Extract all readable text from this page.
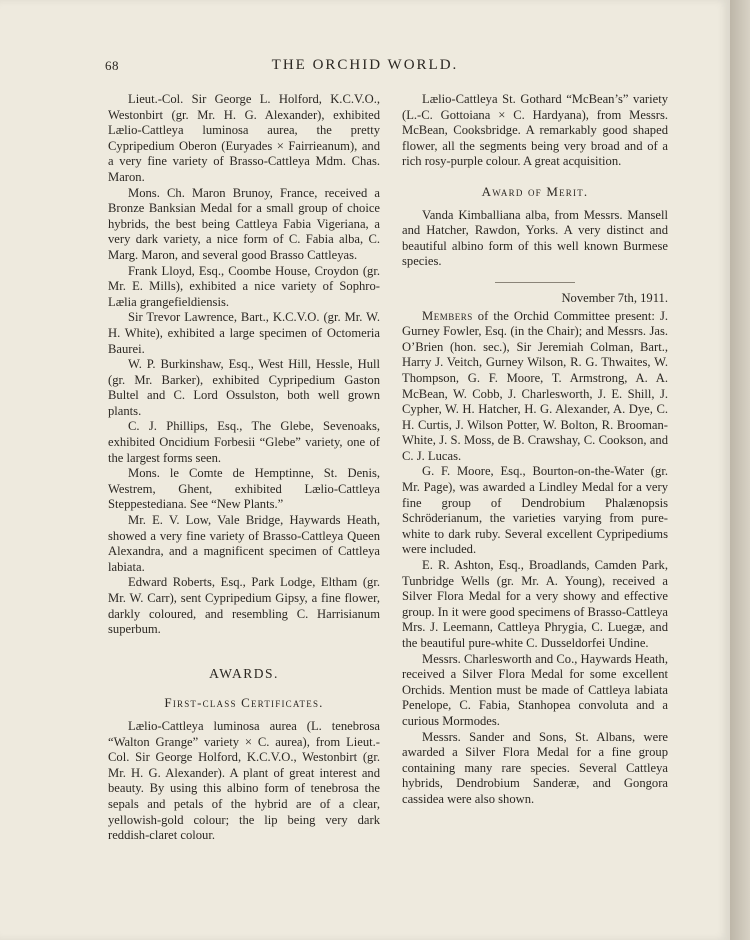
68	THE ORCHID WORLD.

Lieut.-Col. Sir George L. Holford, K.C.V.O., Westonbirt (gr. Mr. H. G. Alexander), exhibited Lælio-Cattleya luminosa aurea, the pretty Cypripedium Oberon (Euryades × Fairrieanum), and a very fine variety of Brasso-Cattleya Mdm. Chas. Maron.

Mons. Ch. Maron Brunoy, France, received a Bronze Banksian Medal for a small group of choice hybrids, the best being Cattleya Fabia Vigeriana, a very dark variety, a nice form of C. Fabia alba, C. Marg. Maron, and several good Brasso Cattleyas.

Frank Lloyd, Esq., Coombe House, Croydon (gr. Mr. E. Mills), exhibited a nice variety of Sophro-Lælia grangefieldiensis.

Sir Trevor Lawrence, Bart., K.C.V.O. (gr. Mr. W. H. White), exhibited a large specimen of Octomeria Baurei.

W. P. Burkinshaw, Esq., West Hill, Hessle, Hull (gr. Mr. Barker), exhibited Cypripedium Gaston Bultel and C. Lord Ossulston, both well grown plants.

C. J. Phillips, Esq., The Glebe, Sevenoaks, exhibited Oncidium Forbesii “Glebe” variety, one of the largest forms seen.

Mons. le Comte de Hemptinne, St. Denis, Westrem, Ghent, exhibited Lælio-Cattleya Steppestediana. See “New Plants.”

Mr. E. V. Low, Vale Bridge, Haywards Heath, showed a very fine variety of Brasso-Cattleya Queen Alexandra, and a magnificent specimen of Cattleya labiata.

Edward Roberts, Esq., Park Lodge, Eltham (gr. Mr. W. Carr), sent Cypripedium Gipsy, a fine flower, darkly coloured, and resembling C. Harrisianum superbum.

AWARDS.

First-class Certificates.

Lælio-Cattleya luminosa aurea (L. tenebrosa “Walton Grange” variety × C. aurea), from Lieut.-Col. Sir George Holford, K.C.V.O., Westonbirt (gr. Mr. H. G. Alexander). A plant of great interest and beauty. By using this albino form of tenebrosa the sepals and petals of the hybrid are of a clear, yellowish-gold colour; the lip being very dark reddish-claret colour.

Lælio-Cattleya St. Gothard “McBean’s” variety (L.-C. Gottoiana × C. Hardyana), from Messrs. McBean, Cooksbridge. A remarkably good shaped flower, all the segments being very broad and of a rich rosy-purple colour. A great acquisition.

Award of Merit.

Vanda Kimballiana alba, from Messrs. Mansell and Hatcher, Rawdon, Yorks. A very distinct and beautiful albino form of this well known Burmese species.

November 7th, 1911.

Members of the Orchid Committee present: J. Gurney Fowler, Esq. (in the Chair); and Messrs. Jas. O’Brien (hon. sec.), Sir Jeremiah Colman, Bart., Harry J. Veitch, Gurney Wilson, R. G. Thwaites, W. Thompson, G. F. Moore, T. Armstrong, A. A. McBean, W. Cobb, J. Charlesworth, J. E. Shill, J. Cypher, W. H. Hatcher, H. G. Alexander, A. Dye, C. H. Curtis, J. Wilson Potter, W. Bolton, R. Brooman-White, J. S. Moss, de B. Crawshay, C. Cookson, and C. J. Lucas.

G. F. Moore, Esq., Bourton-on-the-Water (gr. Mr. Page), was awarded a Lindley Medal for a very fine group of Dendrobium Phalænopsis Schröderianum, the varieties varying from pure-white to dark ruby. Several excellent Cypripediums were included.

E. R. Ashton, Esq., Broadlands, Camden Park, Tunbridge Wells (gr. Mr. A. Young), received a Silver Flora Medal for a very showy and effective group. In it were good specimens of Brasso-Cattleya Mrs. J. Leemann, Cattleya Phrygia, C. Luegæ, and the beautiful pure-white C. Dusseldorfei Undine.

Messrs. Charlesworth and Co., Haywards Heath, received a Silver Flora Medal for some excellent Orchids. Mention must be made of Cattleya labiata Penelope, C. Fabia, Stanhopea convoluta and a curious Mormodes.

Messrs. Sander and Sons, St. Albans, were awarded a Silver Flora Medal for a fine group containing many rare species. Several Cattleya hybrids, Dendrobium Sanderæ, and Gongora cassidea were also shown.
